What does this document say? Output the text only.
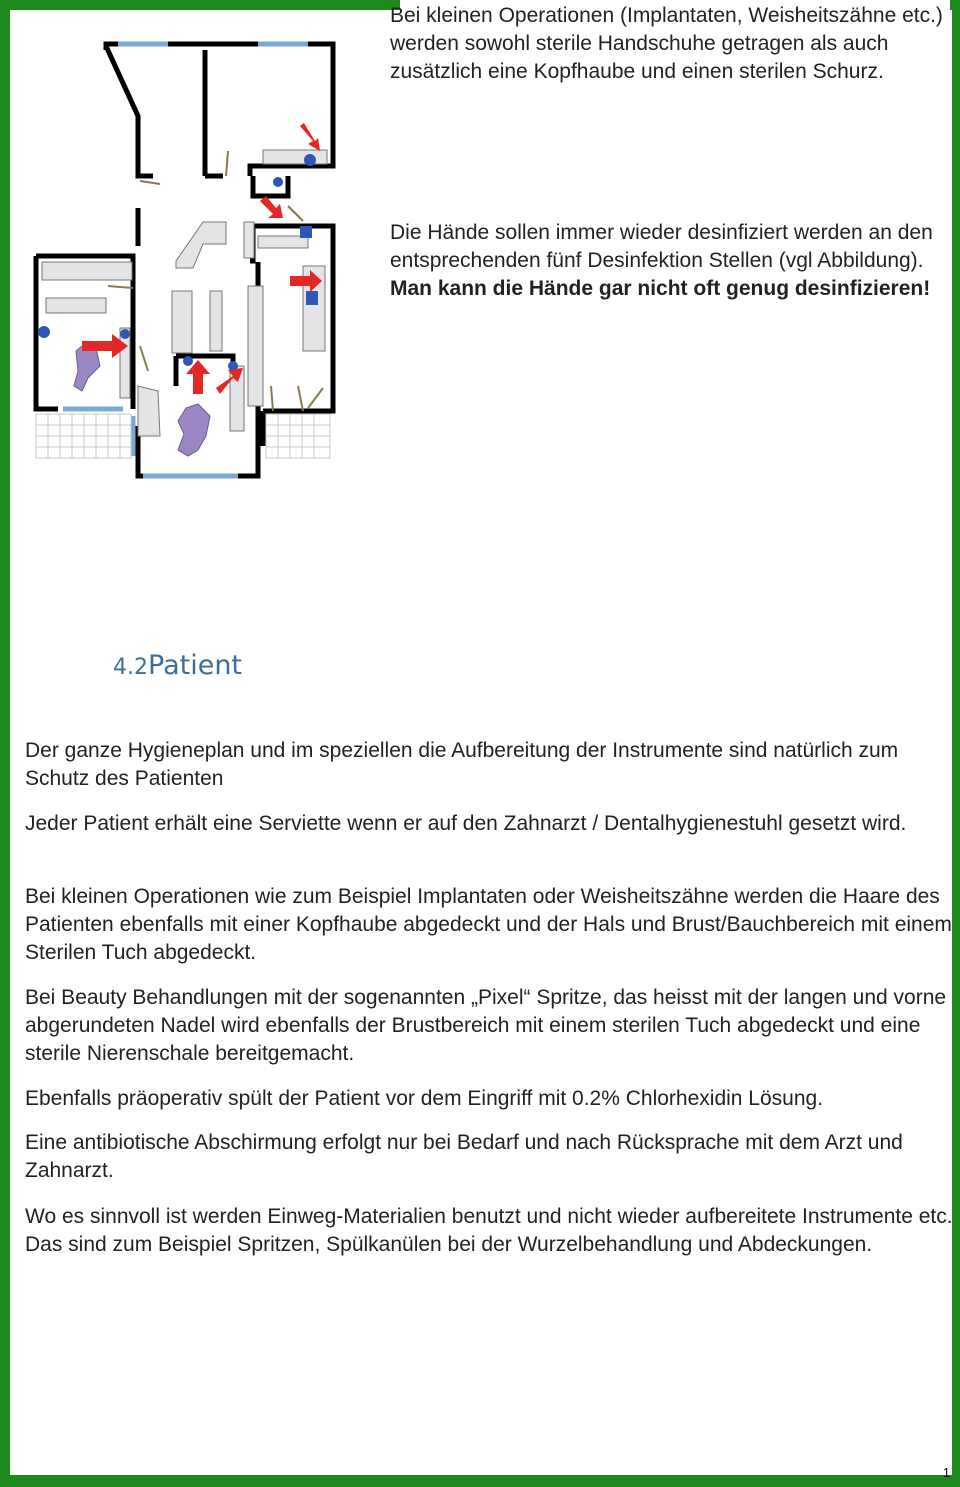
Bei kleinen Operationen (Implantaten, Weisheitszähne etc.) werden sowohl sterile Handschuhe getragen als auch zusätzlich eine Kopfhaube und einen sterilen Schurz.

Die Hände sollen immer wieder desinfiziert werden an den entsprechenden fünf Desinfektion Stellen (vgl Abbildung). Man kann die Hände gar nicht oft genug desinfizieren!

4.2Patient

Der ganze Hygieneplan und im speziellen die Aufbereitung der Instrumente sind natürlich zum Schutz des Patienten

Jeder Patient erhält eine Serviette wenn er auf den Zahnarzt / Dentalhygienestuhl gesetzt wird.

Bei kleinen Operationen wie zum Beispiel Implantaten oder Weisheitszähne werden die Haare des Patienten ebenfalls mit einer Kopfhaube abgedeckt und der Hals und Brust/Bauchbereich mit einem Sterilen Tuch abgedeckt.

Bei Beauty Behandlungen mit der sogenannten „Pixel“ Spritze, das heisst mit der langen und vorne abgerundeten Nadel wird ebenfalls der Brustbereich mit einem sterilen Tuch abgedeckt und eine sterile Nierenschale bereitgemacht.

Ebenfalls präoperativ spült der Patient vor dem Eingriff mit 0.2% Chlorhexidin Lösung.

Eine antibiotische Abschirmung erfolgt nur bei Bedarf und nach Rücksprache mit dem Arzt und Zahnarzt.

Wo es sinnvoll ist werden Einweg-Materialien benutzt und nicht wieder aufbereitete Instrumente etc. Das sind zum Beispiel Spritzen, Spülkanülen bei der Wurzelbehandlung und Abdeckungen.

1
